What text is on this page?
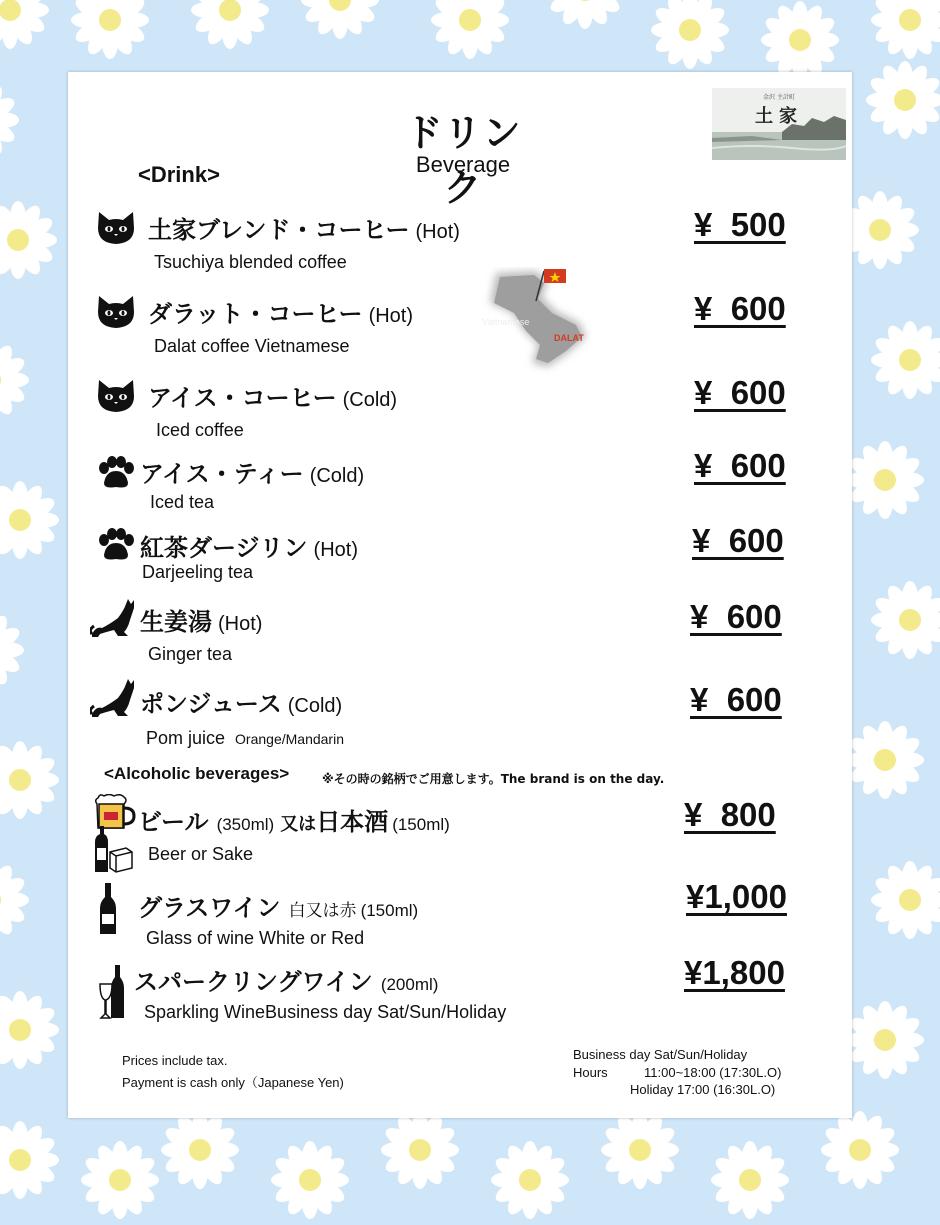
ドリンク
Beverage
<Drink>
金沢 主計町
土家
Vietnamese
DALAT
土家ブレンド・コーヒー (Hot)
Tsuchiya blended coffee
¥  500
ダラット・コーヒー (Hot)
Dalat coffee Vietnamese
¥  600
アイス・コーヒー (Cold)
Iced coffee
¥  600
アイス・ティー (Cold)
Iced tea
¥  600
紅茶ダージリン (Hot)
Darjeeling tea
¥  600
生姜湯 (Hot)
Ginger tea
¥  600
ポンジュース (Cold)
Pom juice Orange/Mandarin
¥  600
<Alcoholic beverages>	※その時の銘柄でご用意します。The brand is on the day.
ビール (350ml) 又は日本酒 (150ml)
Beer or Sake
¥  800
グラスワイン 白又は赤 (150ml)
Glass of wine White or Red
¥1,000
スパークリングワイン (200ml)
Sparkling WineBusiness day Sat/Sun/Holiday
¥1,800
Prices include tax.
Payment is cash only（Japanese Yen)
Business day Sat/Sun/Holiday
Hours	11:00~18:00 (17:30L.O)
Holiday 17:00 (16:30L.O)
